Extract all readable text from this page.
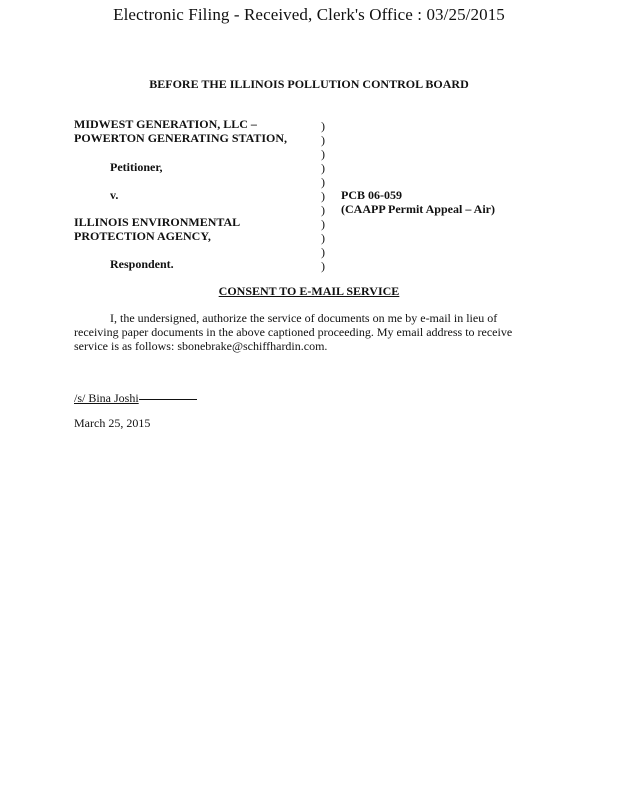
Electronic Filing - Received, Clerk's Office : 03/25/2015
BEFORE THE ILLINOIS POLLUTION CONTROL BOARD
MIDWEST GENERATION, LLC –
POWERTON GENERATING STATION,
Petitioner,
v.
ILLINOIS ENVIRONMENTAL
PROTECTION AGENCY,
Respondent.
PCB 06-059
(CAAPP Permit Appeal – Air)
)
)
)
)
)
)
)
)
)
)
)
CONSENT TO E-MAIL SERVICE
I, the undersigned, authorize the service of documents on me by e-mail in lieu of
receiving paper documents in the above captioned proceeding. My email address to receive
service is as follows: sbonebrake@schiffhardin.com.
/s/ Bina Joshi
March 25, 2015
